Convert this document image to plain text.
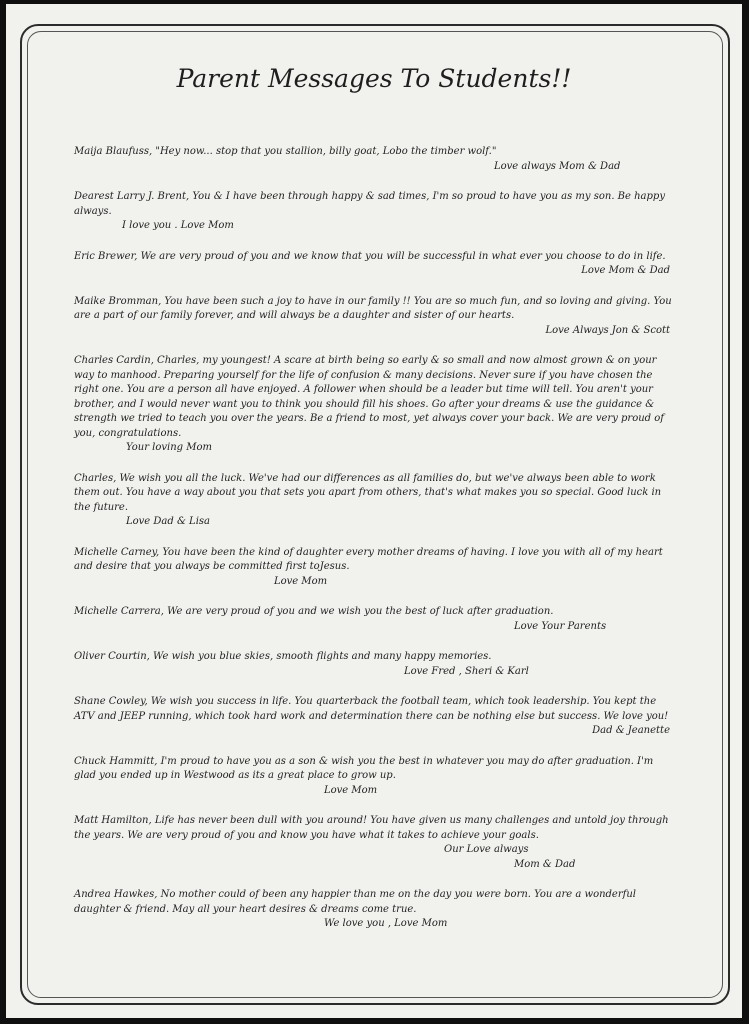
Parent Messages To Students!!

Maija Blaufuss, "Hey now... stop that you stallion, billy goat, Lobo the timber wolf."

Love always Mom & Dad

Dearest Larry J. Brent, You & I have been through happy & sad times, I'm so proud to have you as my son. Be happy always.

I love you . Love Mom

Eric Brewer, We are very proud of you and we know that you will be successful in what ever you choose to do in life.

Love Mom & Dad

Maike Bromman, You have been such a joy to have in our family !! You are so much fun, and so loving and giving. You are a part of our family forever, and will always be a daughter and sister of our hearts.

Love Always Jon & Scott

Charles Cardin, Charles, my youngest! A scare at birth being so early & so small and now almost grown & on your way to manhood. Preparing yourself for the life of confusion & many decisions. Never sure if you have chosen the right one. You are a person all have enjoyed. A follower when should be a leader but time will tell. You aren't your brother, and I would never want you to think you should fill his shoes. Go after your dreams & use the guidance & strength we tried to teach you over the years. Be a friend to most, yet always cover your back. We are very proud of you, congratulations.

Your loving Mom

Charles, We wish you all the luck. We've had our differences as all families do, but we've always been able to work them out. You have a way about you that sets you apart from others, that's what makes you so special. Good luck in the future.

Love Dad & Lisa

Michelle Carney, You have been the kind of daughter every mother dreams of having. I love you with all of my heart and desire that you always be committed first toJesus.

Love Mom

Michelle Carrera, We are very proud of you and we wish you the best of luck after graduation.

Love Your Parents

Oliver Courtin, We wish you blue skies, smooth flights and many happy memories.

Love Fred , Sheri & Karl

Shane Cowley, We wish you success in life. You quarterback the football team, which took leadership. You kept the ATV and JEEP running, which took hard work and determination there can be nothing else but success. We love you!

Dad & Jeanette

Chuck Hammitt, I'm proud to have you as a son & wish you the best in whatever you may do after graduation. I'm glad you ended up in Westwood as its a great place to grow up.

Love Mom

Matt Hamilton, Life has never been dull with you around! You have given us many challenges and untold joy through the years. We are very proud of you and know you have what it takes to achieve your goals.

Our Love always

Mom & Dad

Andrea Hawkes, No mother could of been any happier than me on the day you were born. You are a wonderful daughter & friend. May all your heart desires & dreams come true.

We love you , Love Mom
